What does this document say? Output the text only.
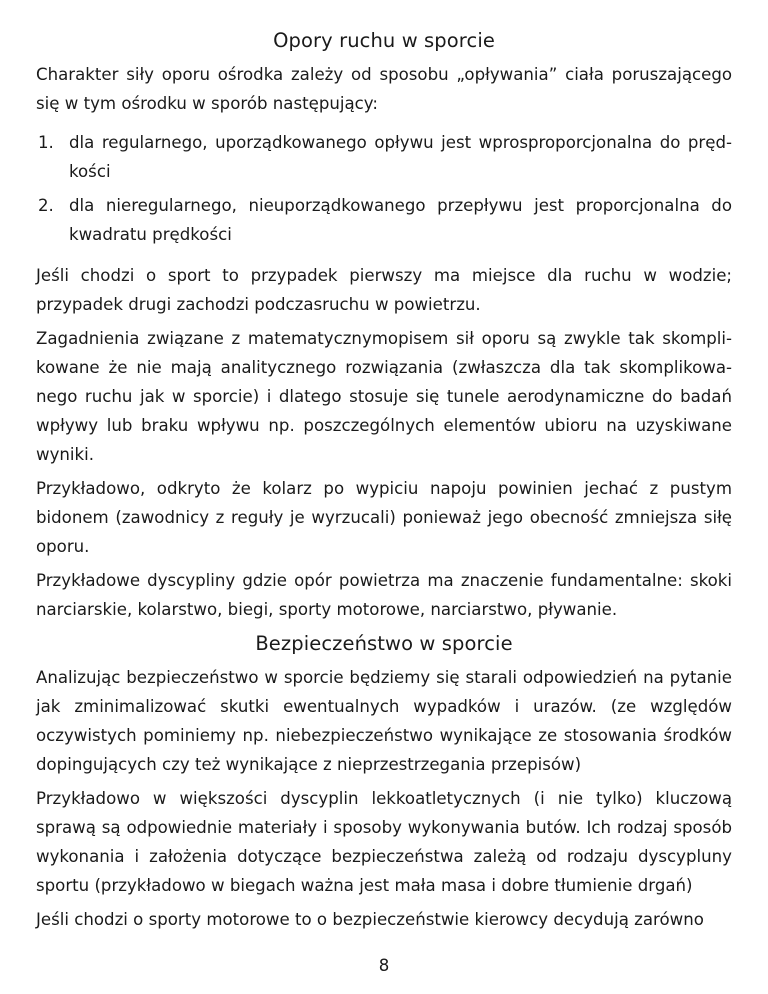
Opory ruchu w sporcie

Charakter siły oporu ośrodka zależy od sposobu „opływania” ciała poruszającego się w tym ośrodku w sporób następujący:

1. dla regularnego, uporządkowanego opływu jest wprosproporcjonalna do prędkości
2. dla nieregularnego, nieuporządkowanego przepływu jest proporcjonalna do kwadratu prędkości

Jeśli chodzi o sport to przypadek pierwszy ma miejsce dla ruchu w wodzie; przypadek drugi zachodzi podczasruchu w powietrzu.

Zagadnienia związane z matematycznymopisem sił oporu są zwykle tak skomplikowane że nie mają analitycznego rozwiązania (zwłaszcza dla tak skomplikowanego ruchu jak w sporcie) i dlatego stosuje się tunele aerodynamiczne do badań wpływy lub braku wpływu np. poszczególnych elementów ubioru na uzyskiwane wyniki.

Przykładowo, odkryto że kolarz po wypiciu napoju powinien jechać z pustym bidonem (zawodnicy z reguły je wyrzucali) ponieważ jego obecność zmniejsza siłę oporu.

Przykładowe dyscypliny gdzie opór powietrza ma znaczenie fundamentalne: skoki narciarskie, kolarstwo, biegi, sporty motorowe, narciarstwo, pływanie.

Bezpieczeństwo w sporcie

Analizując bezpieczeństwo w sporcie będziemy się starali odpowiedzień na pytanie jak zminimalizować skutki ewentualnych wypadków i urazów. (ze względów oczywistych pominiemy np. niebezpieczeństwo wynikające ze stosowania środków dopingujących czy też wynikające z nieprzestrzegania przepisów)

Przykładowo w większości dyscyplin lekkoatletycznych (i nie tylko) kluczową sprawą są odpowiednie materiały i sposoby wykonywania butów. Ich rodzaj sposób wykonania i założenia dotyczące bezpieczeństwa zależą od rodzaju dyscypluny sportu (przykładowo w biegach ważna jest mała masa i dobre tłumienie drgań)

Jeśli chodzi o sporty motorowe to o bezpieczeństwie kierowcy decydują zarówno

8
